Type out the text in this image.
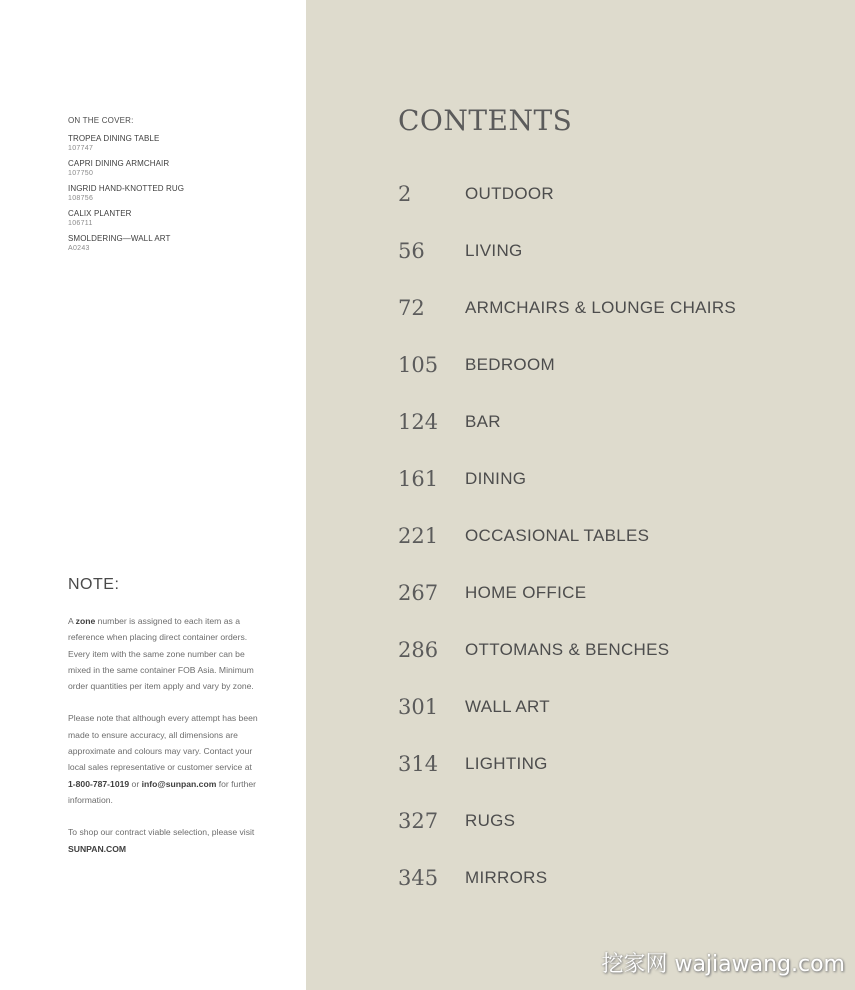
ON THE COVER:
TROPEA DINING TABLE
107747
CAPRI DINING ARMCHAIR
107750
INGRID HAND-KNOTTED RUG
108756
CALIX PLANTER
106711
SMOLDERING—WALL ART
A0243
NOTE:

A zone number is assigned to each item as a reference when placing direct container orders. Every item with the same zone number can be mixed in the same container FOB Asia. Minimum order quantities per item apply and vary by zone.

Please note that although every attempt has been made to ensure accuracy, all dimensions are approximate and colours may vary. Contact your local sales representative or customer service at 1-800-787-1019 or info@sunpan.com for further information.

To shop our contract viable selection, please visit SUNPAN.COM

CONTENTS
2	OUTDOOR
56 LIVING
72 ARMCHAIRS & LOUNGE CHAIRS
105 BEDROOM
124 BAR
161 DINING
221 OCCASIONAL TABLES
267 HOME OFFICE
286 OTTOMANS & BENCHES
301 WALL ART
314 LIGHTING
327 RUGS
345 MIRRORS
挖家网 wajiawang.com
